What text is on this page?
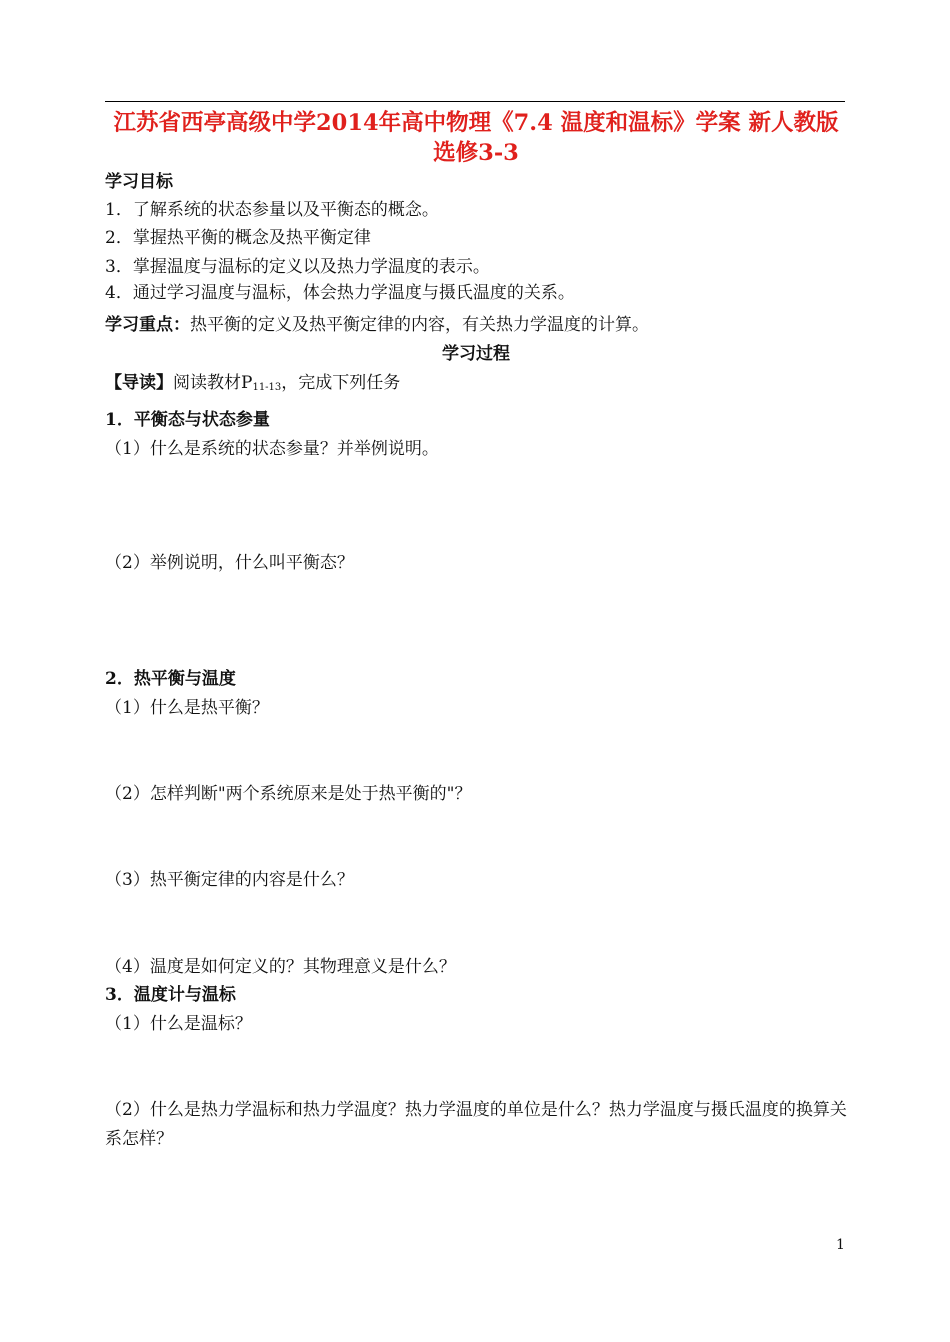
江苏省西亭高级中学2014年高中物理《7.4 温度和温标》学案 新人教版选修3-3
学习目标
1．了解系统的状态参量以及平衡态的概念。
2．掌握热平衡的概念及热平衡定律
3．掌握温度与温标的定义以及热力学温度的表示。
4．通过学习温度与温标，体会热力学温度与摄氏温度的关系。
学习重点：热平衡的定义及热平衡定律的内容，有关热力学温度的计算。
学习过程
【导读】阅读教材$P_{11-13}$，完成下列任务
1．平衡态与状态参量
（1）什么是系统的状态参量？并举例说明。
（2）举例说明，什么叫平衡态？
2．热平衡与温度
（1）什么是热平衡？
（2）怎样判断"两个系统原来是处于热平衡的"？
（3）热平衡定律的内容是什么？
（4）温度是如何定义的？其物理意义是什么？
3．温度计与温标
（1）什么是温标？
（2）什么是热力学温标和热力学温度？热力学温度的单位是什么？热力学温度与摄氏温度的换算关系怎样？
1
